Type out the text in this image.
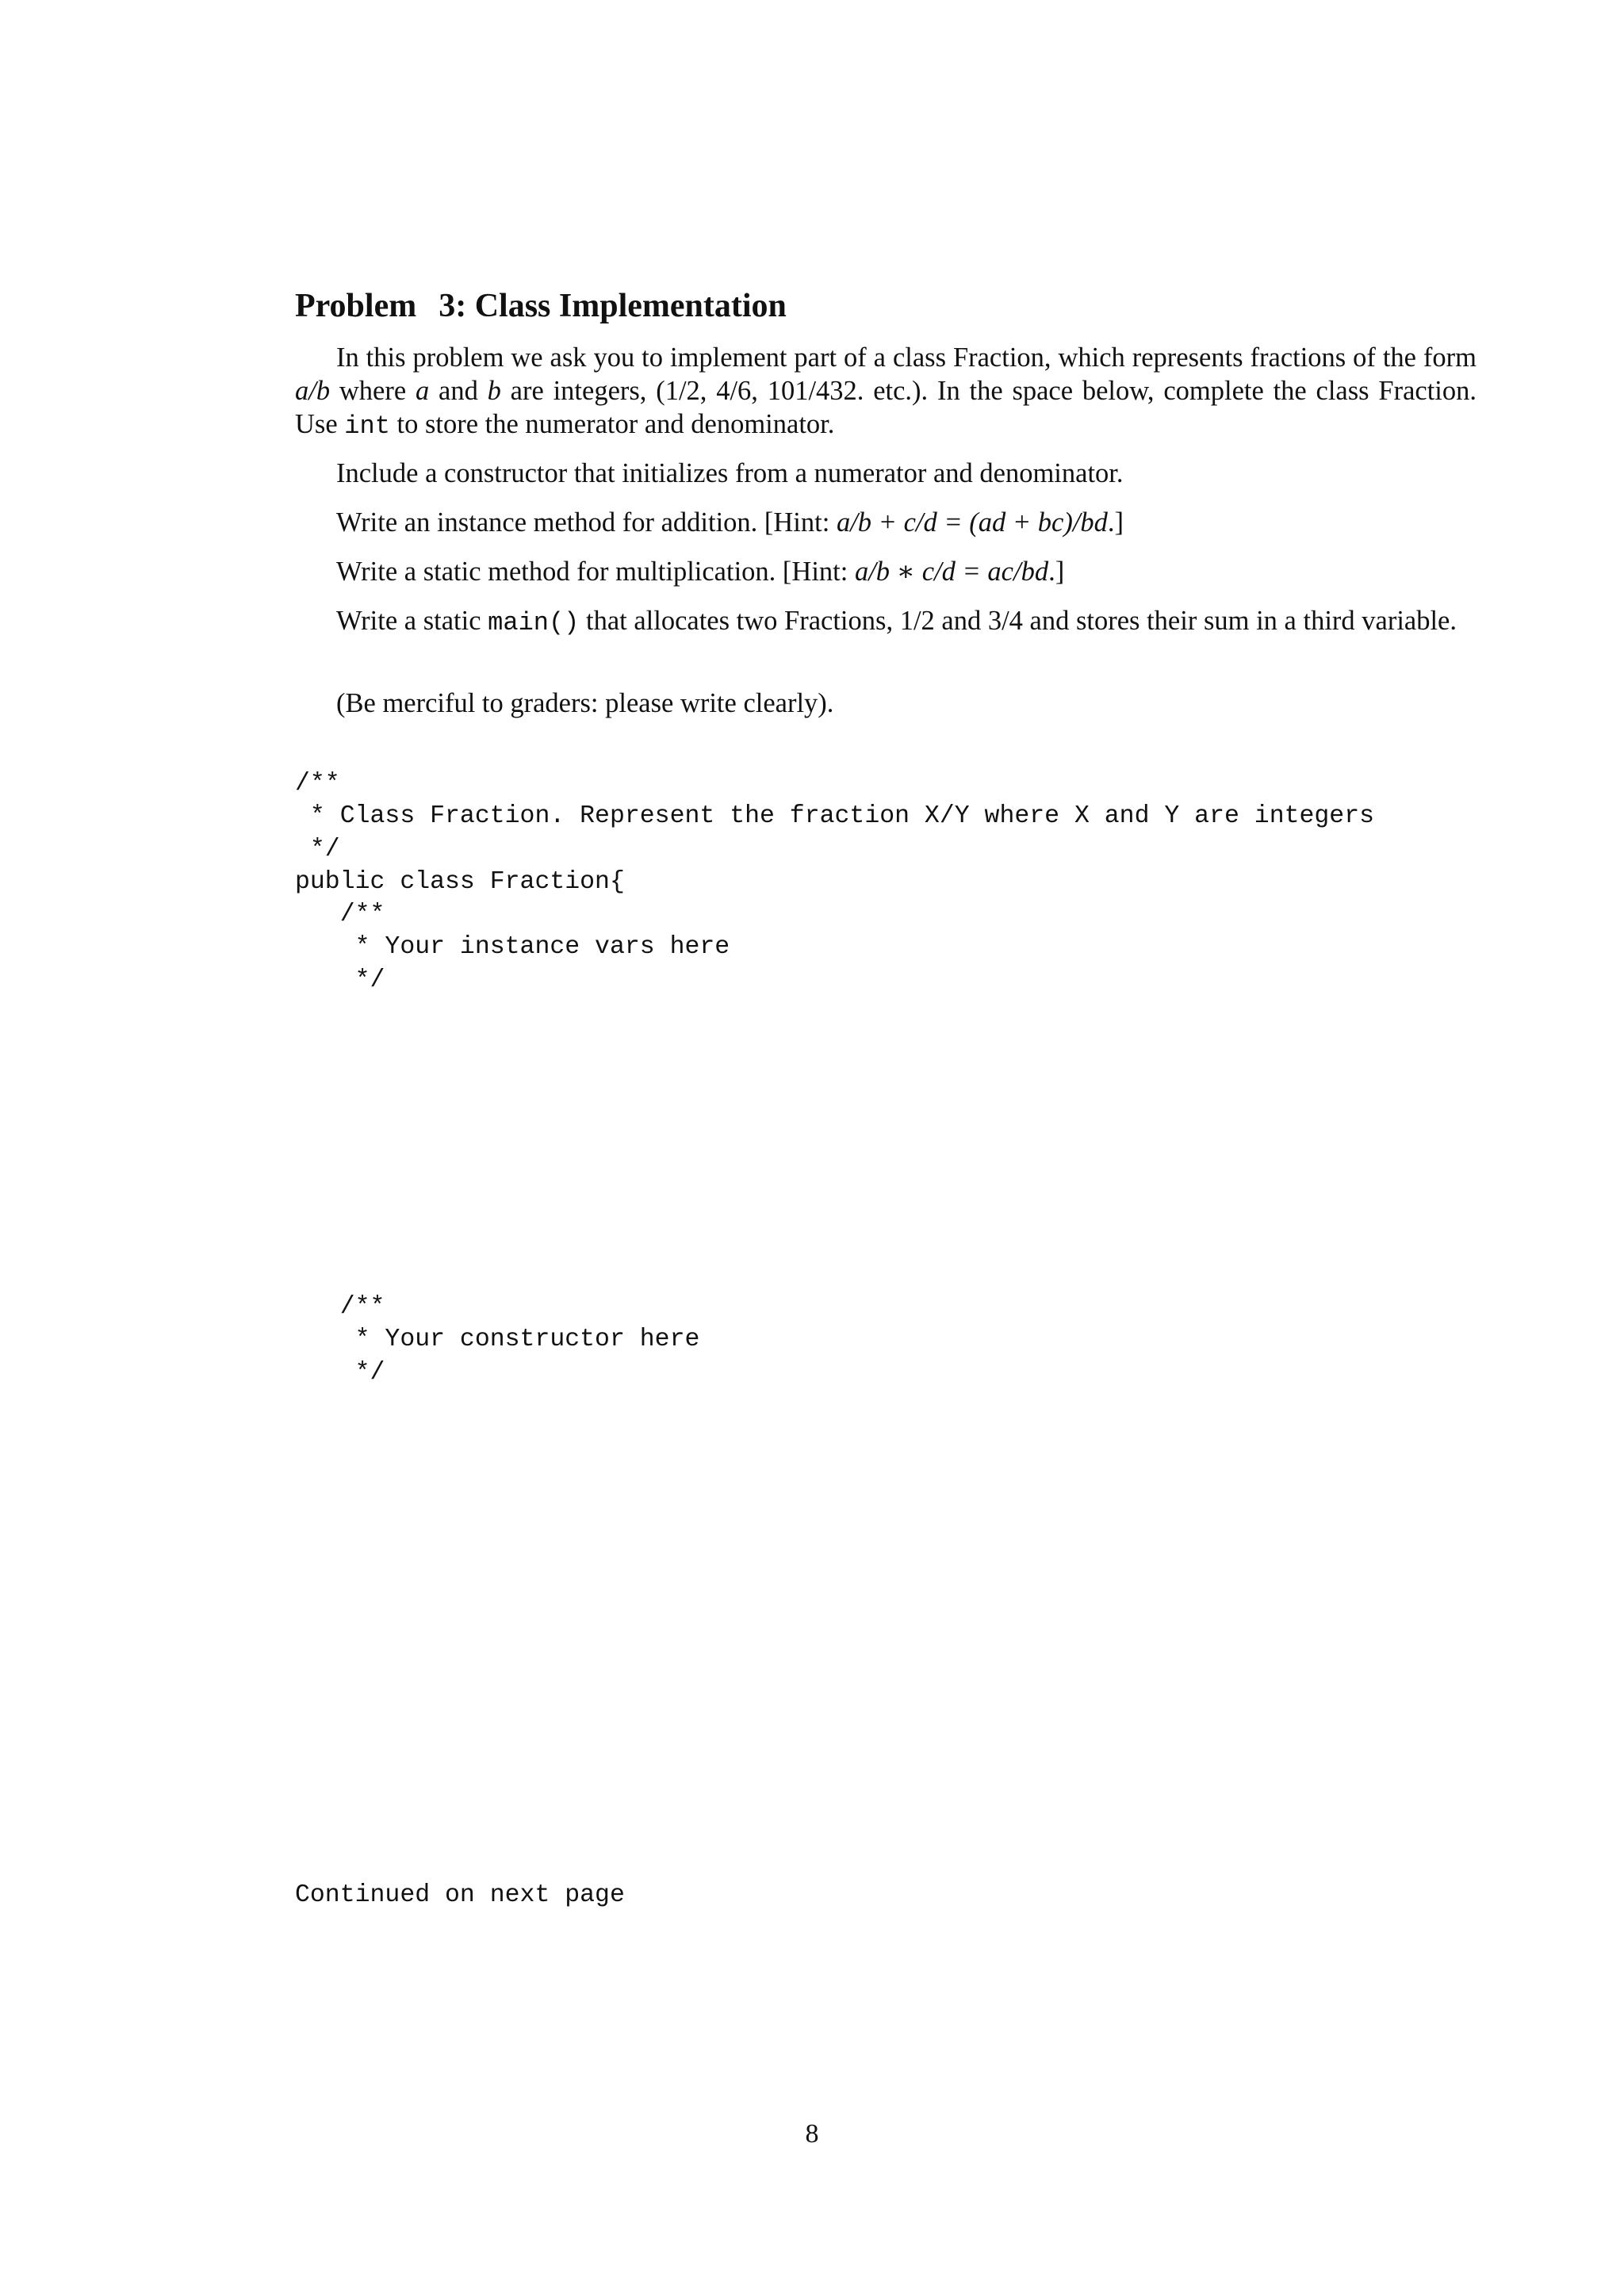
Problem 3: Class Implementation

In this problem we ask you to implement part of a class Fraction, which represents fractions of the form a/b where a and b are integers, (1/2, 4/6, 101/432. etc.). In the space below, complete the class Fraction. Use int to store the numerator and denominator.

Include a constructor that initializes from a numerator and denominator.

Write an instance method for addition. [Hint: a/b + c/d = (ad + bc)/bd.]

Write a static method for multiplication. [Hint: a/b ∗ c/d = ac/bd.]

Write a static main() that allocates two Fractions, 1/2 and 3/4 and stores their sum in a third variable.

(Be merciful to graders: please write clearly).

/**
* Class Fraction. Represent the fraction X/Y where X and Y are integers
*/
public class Fraction{
/**
* Your instance vars here
*/
/**
* Your constructor here
*/
Continued on next page
8
